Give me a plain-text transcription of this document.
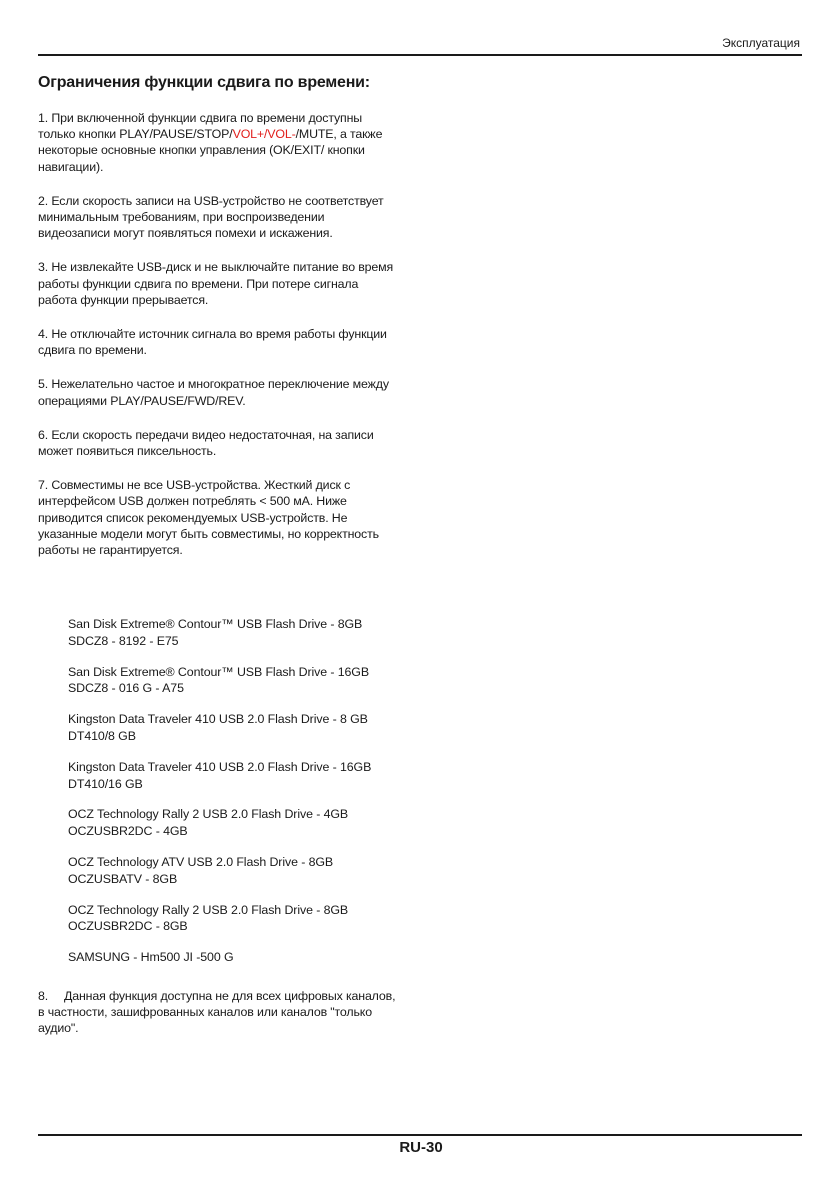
Эксплуатация
Ограничения функции сдвига по времени:

1. При включенной функции сдвига по времени доступны только кнопки PLAY/PAUSE/STOP/VOL+/VOL-/MUTE, а также некоторые основные кнопки управления (OK/EXIT/ кнопки навигации).

2. Если скорость записи на USB-устройство не соответствует минимальным требованиям, при воспроизведении видеозаписи могут появляться помехи и искажения.

3. Не извлекайте USB-диск и не выключайте питание во время работы функции сдвига по времени. При потере сигнала работа функции прерывается.

4. Не отключайте источник сигнала во время работы функции сдвига по времени.

5. Нежелательно частое и многократное переключение между операциями PLAY/PAUSE/FWD/REV.

6. Если скорость передачи видео недостаточная, на записи может появиться пиксельность.

7. Совместимы не все USB-устройства. Жесткий диск с интерфейсом USB должен потреблять < 500 мА. Ниже приводится список рекомендуемых USB-устройств. Не указанные модели могут быть совместимы, но корректность работы не гарантируется.

San Disk Extreme® Contour™ USB Flash Drive - 8GB
SDCZ8 - 8192 - E75
San Disk Extreme® Contour™ USB Flash Drive - 16GB
SDCZ8 - 016 G - A75
Kingston Data Traveler 410 USB 2.0 Flash Drive - 8 GB
DT410/8 GB
Kingston Data Traveler 410 USB 2.0 Flash Drive - 16GB
DT410/16 GB
OCZ Technology Rally 2 USB 2.0 Flash Drive - 4GB
OCZUSBR2DC - 4GB
OCZ Technology ATV USB 2.0 Flash Drive - 8GB
OCZUSBATV - 8GB
OCZ Technology Rally 2 USB 2.0 Flash Drive - 8GB
OCZUSBR2DC - 8GB
SAMSUNG - Hm500 JI -500 G
8. Данная функция доступна не для всех цифровых каналов, в частности, зашифрованных каналов или каналов "только аудио".
RU-30
